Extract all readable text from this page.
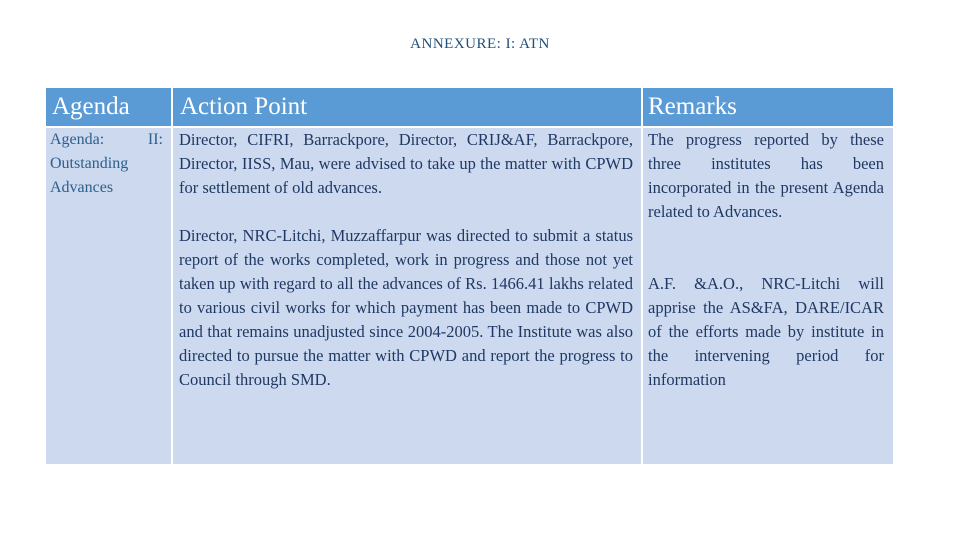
ANNEXURE: I: ATN
Agenda	Action Point	Remarks

Agenda: II: Outstanding Advances

Director, CIFRI, Barrackpore, Director, CRIJ&AF, Barrackpore, Director, IISS, Mau, were advised to take up the matter with CPWD for settlement of old advances.

Director, NRC-Litchi, Muzzaffarpur was directed to submit a status report of the works completed, work in progress and those not yet taken up with regard to all the advances of Rs. 1466.41 lakhs related to various civil works for which payment has been made to CPWD and that remains unadjusted since 2004-2005. The Institute was also directed to pursue the matter with CPWD and report the progress to Council through SMD.

The progress reported by these three institutes has been incorporated in the present Agenda related to Advances.

A.F. &A.O., NRC-Litchi will apprise the AS&FA, DARE/ICAR of the efforts made by institute in the intervening period for information
